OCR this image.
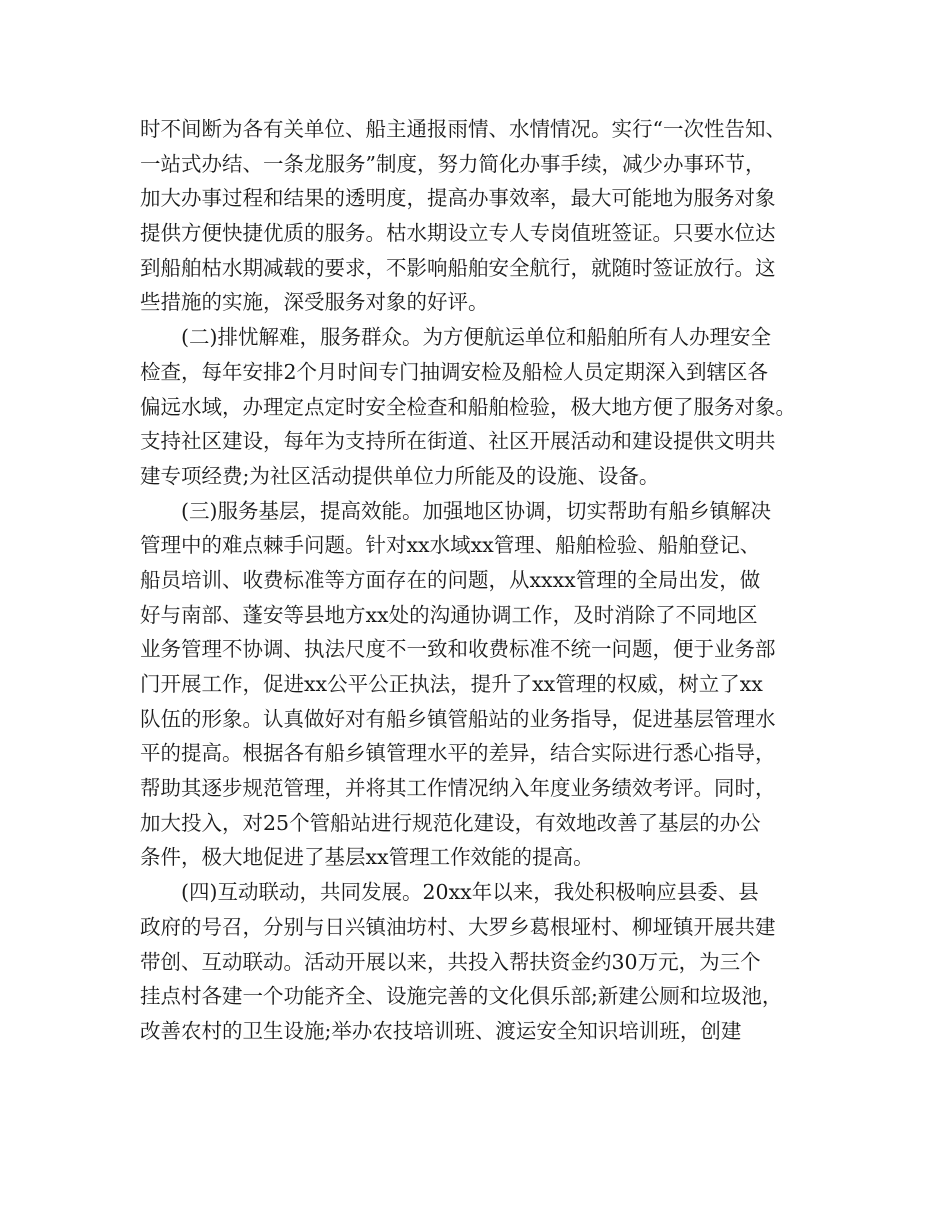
时不间断为各有关单位、船主通报雨情、水情情况。实行“一次性告知、
一站式办结、一条龙服务”制度，努力简化办事手续，减少办事环节，
加大办事过程和结果的透明度，提高办事效率，最大可能地为服务对象
提供方便快捷优质的服务。枯水期设立专人专岗值班签证。只要水位达
到船舶枯水期减载的要求，不影响船舶安全航行，就随时签证放行。这
些措施的实施，深受服务对象的好评。
(二)排忧解难，服务群众。为方便航运单位和船舶所有人办理安全
检查，每年安排2个月时间专门抽调安检及船检人员定期深入到辖区各
偏远水域，办理定点定时安全检查和船舶检验，极大地方便了服务对象。
支持社区建设，每年为支持所在街道、社区开展活动和建设提供文明共
建专项经费;为社区活动提供单位力所能及的设施、设备。
(三)服务基层，提高效能。加强地区协调，切实帮助有船乡镇解决
管理中的难点棘手问题。针对xx水域xx管理、船舶检验、船舶登记、
船员培训、收费标准等方面存在的问题，从xxxx管理的全局出发，做
好与南部、蓬安等县地方xx处的沟通协调工作，及时消除了不同地区
业务管理不协调、执法尺度不一致和收费标准不统一问题，便于业务部
门开展工作，促进xx公平公正执法，提升了xx管理的权威，树立了xx
队伍的形象。认真做好对有船乡镇管船站的业务指导，促进基层管理水
平的提高。根据各有船乡镇管理水平的差异，结合实际进行悉心指导，
帮助其逐步规范管理，并将其工作情况纳入年度业务绩效考评。同时，
加大投入，对25个管船站进行规范化建设，有效地改善了基层的办公
条件，极大地促进了基层xx管理工作效能的提高。
(四)互动联动，共同发展。20xx年以来，我处积极响应县委、县
政府的号召，分别与日兴镇油坊村、大罗乡葛根垭村、柳垭镇开展共建
带创、互动联动。活动开展以来，共投入帮扶资金约30万元，为三个
挂点村各建一个功能齐全、设施完善的文化俱乐部;新建公厕和垃圾池，
改善农村的卫生设施;举办农技培训班、渡运安全知识培训班，创建
